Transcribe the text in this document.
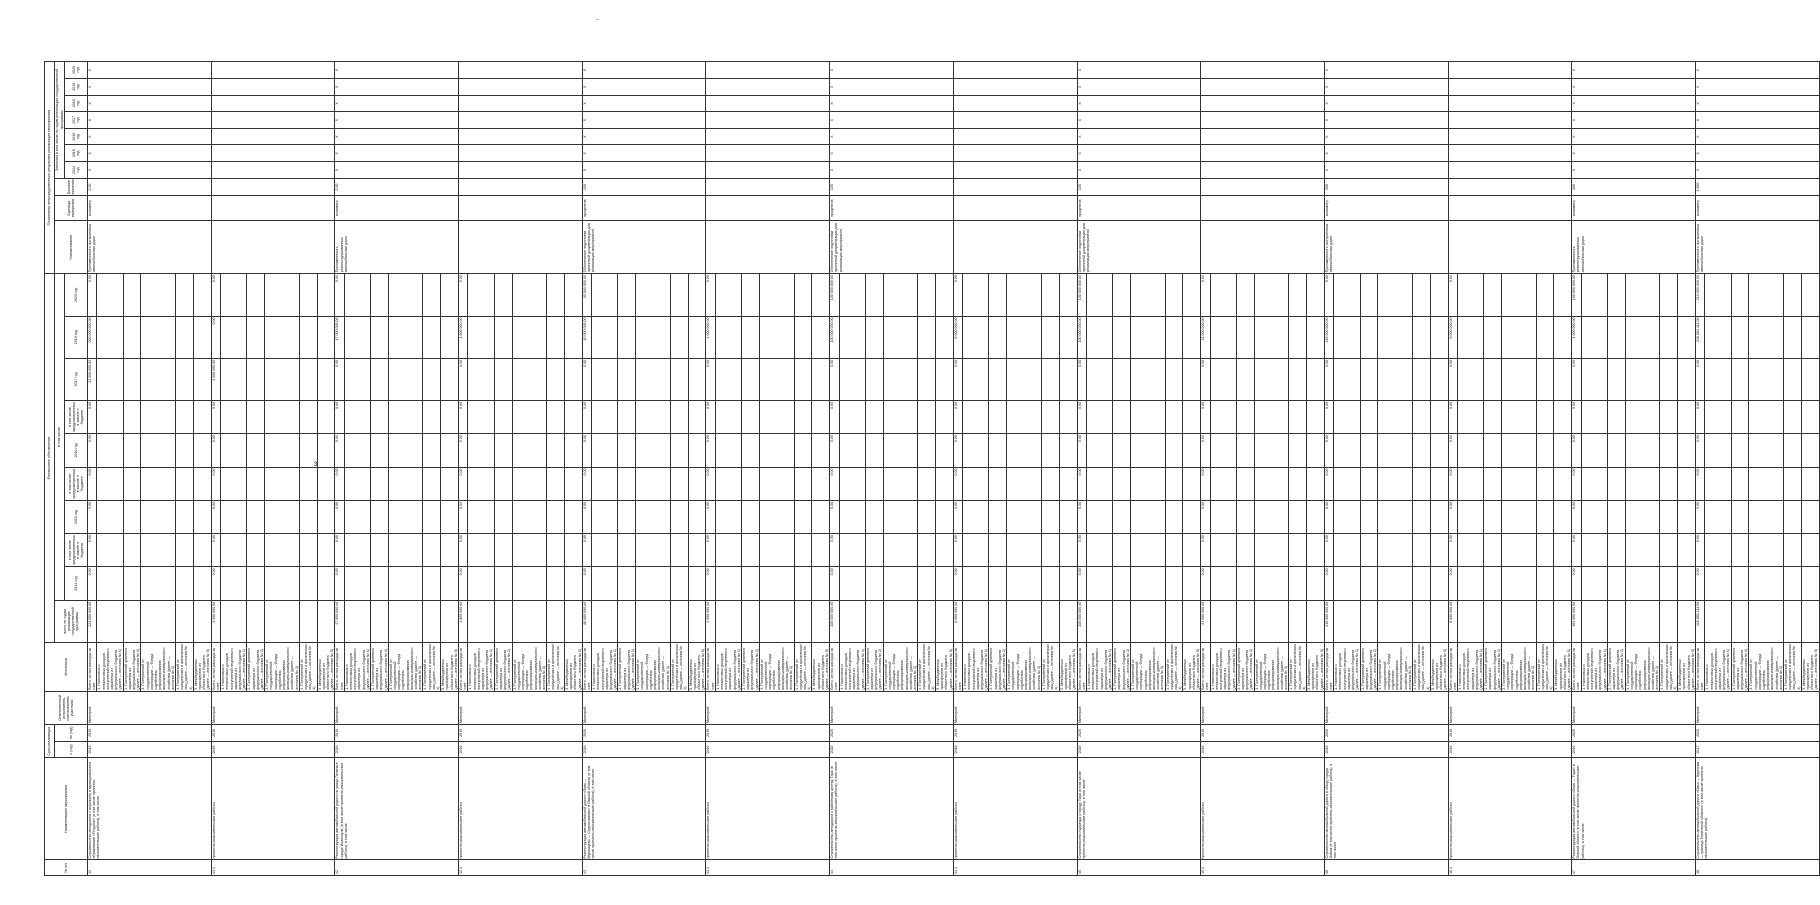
3
№ п/п	Наименование мероприятия	Срок реализации		Ответственный исполнитель, соисполнитель, участники	Источники	Финансовое обеспечение										Показатели непосредственного результата реализации мероприятия									
		с (год)	по (год)			всего по годам реализации государственной программы	в том числе									Наименование	Единица измерения	Базовое значение	Значения в том числе по годам реализации государственной программы						
							2014 год	в том числе предусмотренных в законе о бюджете	2015 год	в том числе предусмотренных в законе о бюджете	2016 год	в том числе предусмотренных в законе о бюджете	2017 год	2019 год	2020 год				2014 год	2015 год	2016 год	2017 год	2018 год	2019 год	2020 год
41	Строительство автодороги к аэропорту в муниципальном образовании «Ягодное» (в том числе проектно-изыскательские работы), в том числе	2015	2019	Минстрой	Всего, из них расходы за счет:	223 000 000,00	0,00	0,00	0,00	0,00	0,00	0,00	23 000 000,00	200 000 000,00	0,00	Протяженность построенных автомобильных дорог	километр	2,00	X	X	X	X	X	X	X
					1. Налоговых и неналоговых доходов, поступлений нецелевого характера из федерального бюджета (далее — источник № 1)																				
					2. Поступлений целевого характера из федерального бюджета (далее — источник № 2)																				
					3. Поступлений от государственной корпорации — Фонда содействия реформированию жилищно-коммунального хозяйства (далее — источник № 3)																				
					4. Поступлений от юридических и физических лиц (далее — источник № 4)																				
					5. Межбюджетных трансфертов из областного бюджета (далее — источник № 5)																				
41.1	проектно-изыскательские работы	2015	2016	Минстрой	Всего, из них расходы за счет:	3 000 000,00	0,00	0,00	0,00	0,00	0,00	0,00	3 000 000,00	0,00	0,00										
					1. Налоговых и неналоговых доходов, поступлений нецелевого характера из федерального бюджета (далее — источник № 1)																				
					2. Поступлений целевого характера из федерального бюджета (далее — источник № 2)																				
					3. Поступлений от государственной корпорации — Фонда содействия реформированию жилищно-коммунального хозяйства (далее — источник № 3)																				
					4. Поступлений от юридических и физических лиц (далее — источник № 4)																				
					5. Межбюджетных трансфертов из областного бюджета (далее — источник № 5)																				
42	Реконструкция автомобильной дороги по улице Ленина в городе Исилькуле (в том числе проектно-изыскательские работы), в том числе	2016	2019	Минстрой	Всего, из них расходы за счет:	47 000 000,00	0,00	0,00	0,00	0,00	0,00	0,00	0,00	47 000 000,00	0,00	Протяженность реконструированных автомобильных дорог	километр	2,00	X	X	X	X	X	X	X
					1. Налоговых и неналоговых доходов, поступлений нецелевого характера из федерального бюджета (далее — источник № 1)																				
					2. Поступлений целевого характера из федерального бюджета (далее — источник № 2)																				
					3. Поступлений от государственной корпорации — Фонда содействия реформированию жилищно-коммунального хозяйства (далее — источник № 3)																				
					4. Поступлений от юридических и физических лиц (далее — источник № 4)																				
					5. Межбюджетных трансфертов из областного бюджета (далее — источник № 5)																				
42.1	проектно-изыскательские работы	2016	2019	Минстрой	Всего, из них расходы за счет:	1 800 000,00	0,00	0,00	0,00	0,00	0,00	0,00	0,00	1 800 000,00	0,00										
					1. Налоговых и неналоговых доходов, поступлений нецелевого характера из федерального бюджета (далее — источник № 1)																				
					2. Поступлений целевого характера из федерального бюджета (далее — источник № 2)																				
					3. Поступлений от государственной корпорации — Фонда содействия реформированию жилищно-коммунального хозяйства (далее — источник № 3)																				
					4. Поступлений от юридических и физических лиц (далее — источник № 4)																				
					5. Межбюджетных трансфертов из областного бюджета (далее — источник № 5)																				
43	Реконструкция автомобильной дороги «Омск — Муромцево — Седельниково» в Омской области (в том числе проектно-изыскательские работы), в том числе	2016	2020	Минстрой	Всего, из них расходы за счет:	80 000 000,00	0,00	0,00	0,00	0,00	0,00	0,00	0,00	40 000 000,00	40 000 000,00	Обеспечение подготовки проектной документации для реализации мероприятия	процентов	100	X	X	X	X	X	X	X
					1. Налоговых и неналоговых доходов, поступлений нецелевого характера из федерального бюджета (далее — источник № 1)																				
					2. Поступлений целевого характера из федерального бюджета (далее — источник № 2)																				
					3. Поступлений от государственной корпорации — Фонда содействия реформированию жилищно-коммунального хозяйства (далее — источник № 3)																				
					4. Поступлений от юридических и физических лиц (далее — источник № 4)																				
					5. Межбюджетных трансфертов из областного бюджета (далее — источник № 5)																				
43.1	проектно-изыскательские работы	2016	2019	Минстрой	Всего, из них расходы за счет:	4 000 000,00	0,00	0,00	0,00	0,00	0,00	0,00	0,00	4 000 000,00	0,00										
					1. Налоговых и неналоговых доходов, поступлений нецелевого характера из федерального бюджета (далее — источник № 1)																				
					2. Поступлений целевого характера из федерального бюджета (далее — источник № 2)																				
					3. Поступлений от государственной корпорации — Фонда содействия реформированию жилищно-коммунального хозяйства (далее — источник № 3)																				
					4. Поступлений от юридических и физических лиц (далее — источник № 4)																				
					5. Межбюджетных трансфертов из областного бюджета (далее — источник № 5)																				
44	Строительство автодороги к районному центру Тара (в том числе проектно-изыскательские работы), в том числе	2018	2020	Минстрой	Всего, из них расходы за счет:	200 000 000,00	0,00	0,00	0,00	0,00	0,00	0,00	0,00	100 000 000,00	100 000 000,00	Обеспечение подготовки проектной документации для реализации мероприятия	процентов	100	X	X	X	X	X	X	X
					1. Налоговых и неналоговых доходов, поступлений нецелевого характера из федерального бюджета (далее — источник № 1)																				
					2. Поступлений целевого характера из федерального бюджета (далее — источник № 2)																				
					3. Поступлений от государственной корпорации — Фонда содействия реформированию жилищно-коммунального хозяйства (далее — источник № 3)																				
					4. Поступлений от юридических и физических лиц (далее — источник № 4)																				
					5. Межбюджетных трансфертов из областного бюджета (далее — источник № 5)																				
44.1	проектно-изыскательские работы	2018	2019	Минстрой	Всего, из них расходы за счет:	6 000 000,00	0,00	0,00	0,00	0,00	0,00	0,00	0,00	6 000 000,00	0,00										
					1. Налоговых и неналоговых доходов, поступлений нецелевого характера из федерального бюджета (далее — источник № 1)																				
					2. Поступлений целевого характера из федерального бюджета (далее — источник № 2)																				
					3. Поступлений от государственной корпорации — Фонда содействия реформированию жилищно-коммунального хозяйства (далее — источник № 3)																				
					4. Поступлений от юридических и физических лиц (далее — источник № 4)																				
					5. Межбюджетных трансфертов из областного бюджета (далее — источник № 5)																				
45	Строительство подъезда к городу Тара (в том числе проектно-изыскательские работы), в том числе	2016	2020	Минстрой	Всего, из них расходы за счет:	200 000 000,00	0,00	0,00	0,00	0,00	0,00	0,00	0,00	100 000 000,00	100 000 000,00	Обеспечение подготовки проектной документации для реализации мероприятия	процентов	100	X	X	X	X	X	X	X
					1. Налоговых и неналоговых доходов, поступлений нецелевого характера из федерального бюджета (далее — источник № 1)																				
					2. Поступлений целевого характера из федерального бюджета (далее — источник № 2)																				
					3. Поступлений от государственной корпорации — Фонда содействия реформированию жилищно-коммунального хозяйства (далее — источник № 3)																				
					4. Поступлений от юридических и физических лиц (далее — источник № 4)																				
					5. Межбюджетных трансфертов из областного бюджета (далее — источник № 5)																				
45.1	проектно-изыскательские работы	2016	2019	Минстрой	Всего, из них расходы за счет:	21 000 000,00	0,00	0,00	0,00	0,00	0,00	0,00	0,00	21 000 000,00	0,00										
					1. Налоговых и неналоговых доходов, поступлений нецелевого характера из федерального бюджета (далее — источник № 1)																				
					2. Поступлений целевого характера из федерального бюджета (далее — источник № 2)																				
					3. Поступлений от государственной корпорации — Фонда содействия реформированию жилищно-коммунального хозяйства (далее — источник № 3)																				
					4. Поступлений от юридических и физических лиц (далее — источник № 4)																				
					5. Межбюджетных трансфертов из областного бюджета (далее — источник № 5)																				
46	Строительство автомобильной дороги в обход города Омска (в том числе проектно-изыскательские работы), в том числе	2016	2020	Минстрой	Всего, из них расходы за счет:	215 000 000,00	0,00	0,00	0,00	0,00	0,00	0,00	0,00	215 000 000,00	0,00	Протяженность построенных автомобильных дорог	километр	300	X	X	X	X	X	X	X
					1. Налоговых и неналоговых доходов, поступлений нецелевого характера из федерального бюджета (далее — источник № 1)																				
					2. Поступлений целевого характера из федерального бюджета (далее — источник № 2)																				
					3. Поступлений от государственной корпорации — Фонда содействия реформированию жилищно-коммунального хозяйства (далее — источник № 3)																				
					4. Поступлений от юридических и физических лиц (далее — источник № 4)																				
					5. Межбюджетных трансфертов из областного бюджета (далее — источник № 5)																				
46.1	проектно-изыскательские работы	2016	2019	Минстрой	Всего, из них расходы за счет:	8 000 000,00	0,00	0,00	0,00	0,00	0,00	0,00	0,00	8 000 000,00	0,00										
					1. Налоговых и неналоговых доходов, поступлений нецелевого характера из федерального бюджета (далее — источник № 1)																				
					2. Поступлений целевого характера из федерального бюджета (далее — источник № 2)																				
					3. Поступлений от государственной корпорации — Фонда содействия реформированию жилищно-коммунального хозяйства (далее — источник № 3)																				
					4. Поступлений от юридических и физических лиц (далее — источник № 4)																				
					5. Межбюджетных трансфертов из областного бюджета (далее — источник № 5)																				
47	Реконструкция автомобильной дороги «Омск — Тара» в Омской области (в том числе проектно-изыскательские работы), в том числе	2016	2020	Минстрой	Всего, из них расходы за счет:	103 000 000,00	0,00	0,00	0,00	0,00	0,00	0,00	0,00	1 000 000,00	100 000 000,00	Протяженность реконструированных автомобильных дорог	километр	300	X	X	X	X	X	X	X
					1. Налоговых и неналоговых доходов, поступлений нецелевого характера из федерального бюджета (далее — источник № 1)																				
					2. Поступлений целевого характера из федерального бюджета (далее — источник № 2)																				
					3. Поступлений от государственной корпорации — Фонда содействия реформированию жилищно-коммунального хозяйства (далее — источник № 3)																				
					4. Поступлений от юридических и физических лиц (далее — источник № 4)																				
					5. Межбюджетных трансфертов из областного бюджета (далее — источник № 5)																				
48	Строительство автомобильной дороги «Омск — Крутинка — граница Тюменской области» (в том числе проектно-изыскательские работы)	2017	2020	Минстрой	Всего, из них расходы за счет:	426 881 111,00	0,00	0,00	0,00	0,00	0,00	0,00	0,00	216 881 111,00	210 000 000,00	Протяженность построенных автомобильных дорог	километр	1 000	X	X	X	X	X	X	X
					1. Налоговых и неналоговых доходов, поступлений нецелевого характера из федерального бюджета (далее — источник № 1)																				
					2. Поступлений целевого характера из федерального бюджета (далее — источник № 2)																				
					3. Поступлений от государственной корпорации — Фонда содействия реформированию жилищно-коммунального хозяйства (далее — источник № 3)																				
					4. Поступлений от юридических и физических лиц (далее — источник № 4)																				
					5. Межбюджетных трансфертов из областного бюджета (далее — источник № 5)																				
